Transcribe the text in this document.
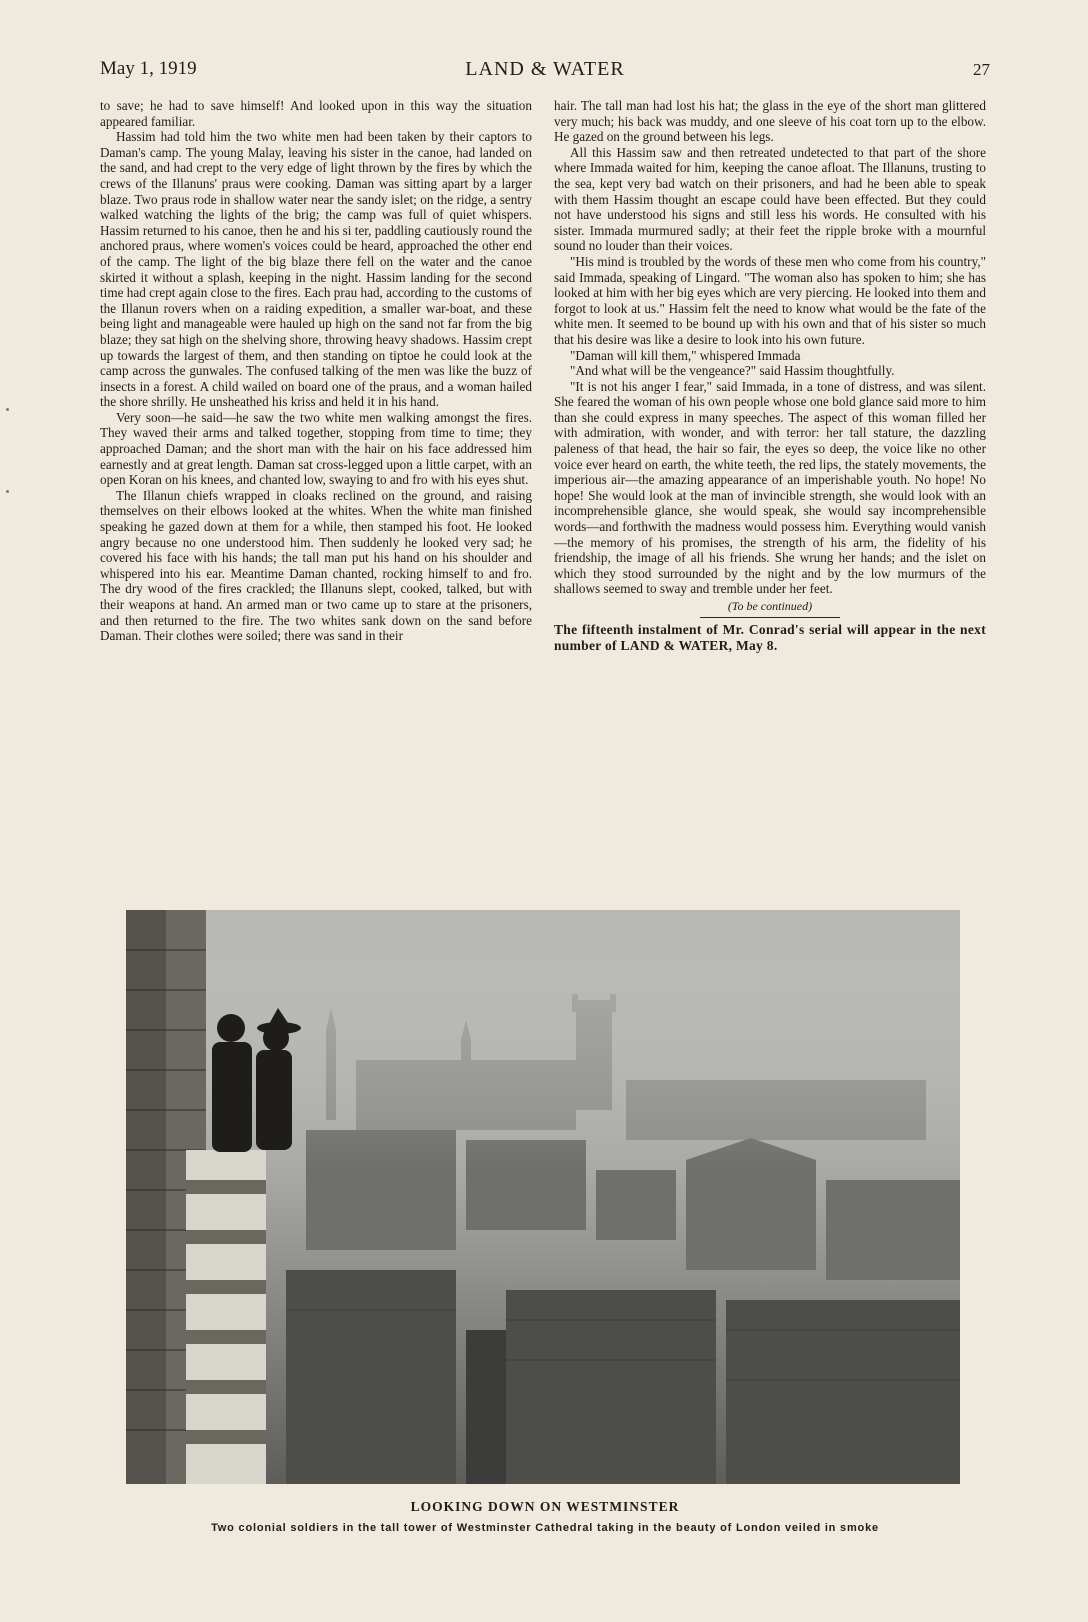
May 1, 1919	LAND & WATER	27

to save; he had to save himself! And looked upon in this way the situation appeared familiar.

Hassim had told him the two white men had been taken by their captors to Daman's camp. The young Malay, leaving his sister in the canoe, had landed on the sand, and had crept to the very edge of light thrown by the fires by which the crews of the Illanuns' praus were cooking. Daman was sitting apart by a larger blaze. Two praus rode in shallow water near the sandy islet; on the ridge, a sentry walked watching the lights of the brig; the camp was full of quiet whispers. Hassim returned to his canoe, then he and his si ter, paddling cautiously round the anchored praus, where women's voices could be heard, approached the other end of the camp. The light of the big blaze there fell on the water and the canoe skirted it without a splash, keeping in the night. Hassim landing for the second time had crept again close to the fires. Each prau had, according to the customs of the Illanun rovers when on a raiding expedition, a smaller war-boat, and these being light and manageable were hauled up high on the sand not far from the big blaze; they sat high on the shelving shore, throwing heavy shadows. Hassim crept up towards the largest of them, and then standing on tiptoe he could look at the camp across the gunwales. The confused talking of the men was like the buzz of insects in a forest. A child wailed on board one of the praus, and a woman hailed the shore shrilly. He unsheathed his kriss and held it in his hand.

Very soon—he said—he saw the two white men walking amongst the fires. They waved their arms and talked together, stopping from time to time; they approached Daman; and the short man with the hair on his face addressed him earnestly and at great length. Daman sat cross-legged upon a little carpet, with an open Koran on his knees, and chanted low, swaying to and fro with his eyes shut.

The Illanun chiefs wrapped in cloaks reclined on the ground, and raising themselves on their elbows looked at the whites. When the white man finished speaking he gazed down at them for a while, then stamped his foot. He looked angry because no one understood him. Then suddenly he looked very sad; he covered his face with his hands; the tall man put his hand on his shoulder and whispered into his ear. Meantime Daman chanted, rocking himself to and fro. The dry wood of the fires crackled; the Illanuns slept, cooked, talked, but with their weapons at hand. An armed man or two came up to stare at the prisoners, and then returned to the fire. The two whites sank down on the sand before Daman. Their clothes were soiled; there was sand in their

hair. The tall man had lost his hat; the glass in the eye of the short man glittered very much; his back was muddy, and one sleeve of his coat torn up to the elbow. He gazed on the ground between his legs.

All this Hassim saw and then retreated undetected to that part of the shore where Immada waited for him, keeping the canoe afloat. The Illanuns, trusting to the sea, kept very bad watch on their prisoners, and had he been able to speak with them Hassim thought an escape could have been effected. But they could not have understood his signs and still less his words. He consulted with his sister. Immada murmured sadly; at their feet the ripple broke with a mournful sound no louder than their voices.

"His mind is troubled by the words of these men who come from his country," said Immada, speaking of Lingard. "The woman also has spoken to him; she has looked at him with her big eyes which are very piercing. He looked into them and forgot to look at us." Hassim felt the need to know what would be the fate of the white men. It seemed to be bound up with his own and that of his sister so much that his desire was like a desire to look into his own future.

"Daman will kill them," whispered Immada

"And what will be the vengeance?" said Hassim thoughtfully.

"It is not his anger I fear," said Immada, in a tone of distress, and was silent. She feared the woman of his own people whose one bold glance said more to him than she could express in many speeches. The aspect of this woman filled her with admiration, with wonder, and with terror: her tall stature, the dazzling paleness of that head, the hair so fair, the eyes so deep, the voice like no other voice ever heard on earth, the white teeth, the red lips, the stately movements, the imperious air—the amazing appearance of an imperishable youth. No hope! No hope! She would look at the man of invincible strength, she would look with an incomprehensible glance, she would speak, she would say incomprehensible words—and forthwith the madness would possess him. Everything would vanish—the memory of his promises, the strength of his arm, the fidelity of his friendship, the image of all his friends. She wrung her hands; and the islet on which they stood surrounded by the night and by the low murmurs of the shallows seemed to sway and tremble under her feet.

(To be continued)
The fifteenth instalment of Mr. Conrad's serial will appear in the next number of LAND & WATER, May 8.
LOOKING DOWN ON WESTMINSTER
Two colonial soldiers in the tall tower of Westminster Cathedral taking in the beauty of London veiled in smoke
